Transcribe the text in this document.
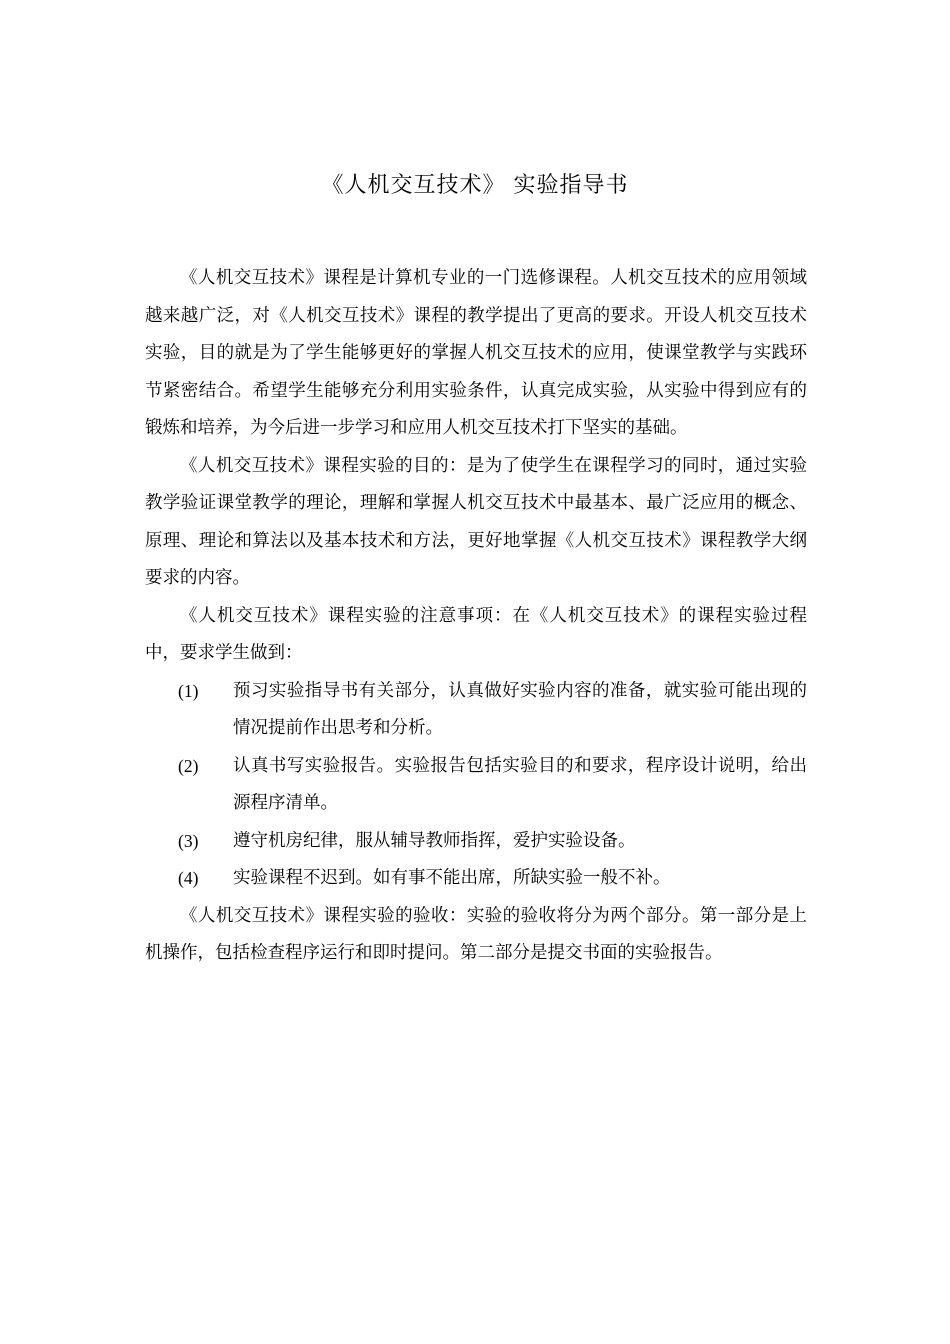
《人机交互技术》 实验指导书

《人机交互技术》课程是计算机专业的一门选修课程。人机交互技术的应用领域越来越广泛，对《人机交互技术》课程的教学提出了更高的要求。开设人机交互技术实验，目的就是为了学生能够更好的掌握人机交互技术的应用，使课堂教学与实践环节紧密结合。希望学生能够充分利用实验条件，认真完成实验，从实验中得到应有的锻炼和培养，为今后进一步学习和应用人机交互技术打下坚实的基础。

《人机交互技术》课程实验的目的：是为了使学生在课程学习的同时，通过实验教学验证课堂教学的理论，理解和掌握人机交互技术中最基本、最广泛应用的概念、原理、理论和算法以及基本技术和方法，更好地掌握《人机交互技术》课程教学大纲要求的内容。

《人机交互技术》课程实验的注意事项：在《人机交互技术》的课程实验过程中，要求学生做到：

(1) 预习实验指导书有关部分，认真做好实验内容的准备，就实验可能出现的情况提前作出思考和分析。
(2) 认真书写实验报告。实验报告包括实验目的和要求，程序设计说明，给出源程序清单。
(3) 遵守机房纪律，服从辅导教师指挥，爱护实验设备。
(4) 实验课程不迟到。如有事不能出席，所缺实验一般不补。

《人机交互技术》课程实验的验收：实验的验收将分为两个部分。第一部分是上机操作，包括检查程序运行和即时提问。第二部分是提交书面的实验报告。
